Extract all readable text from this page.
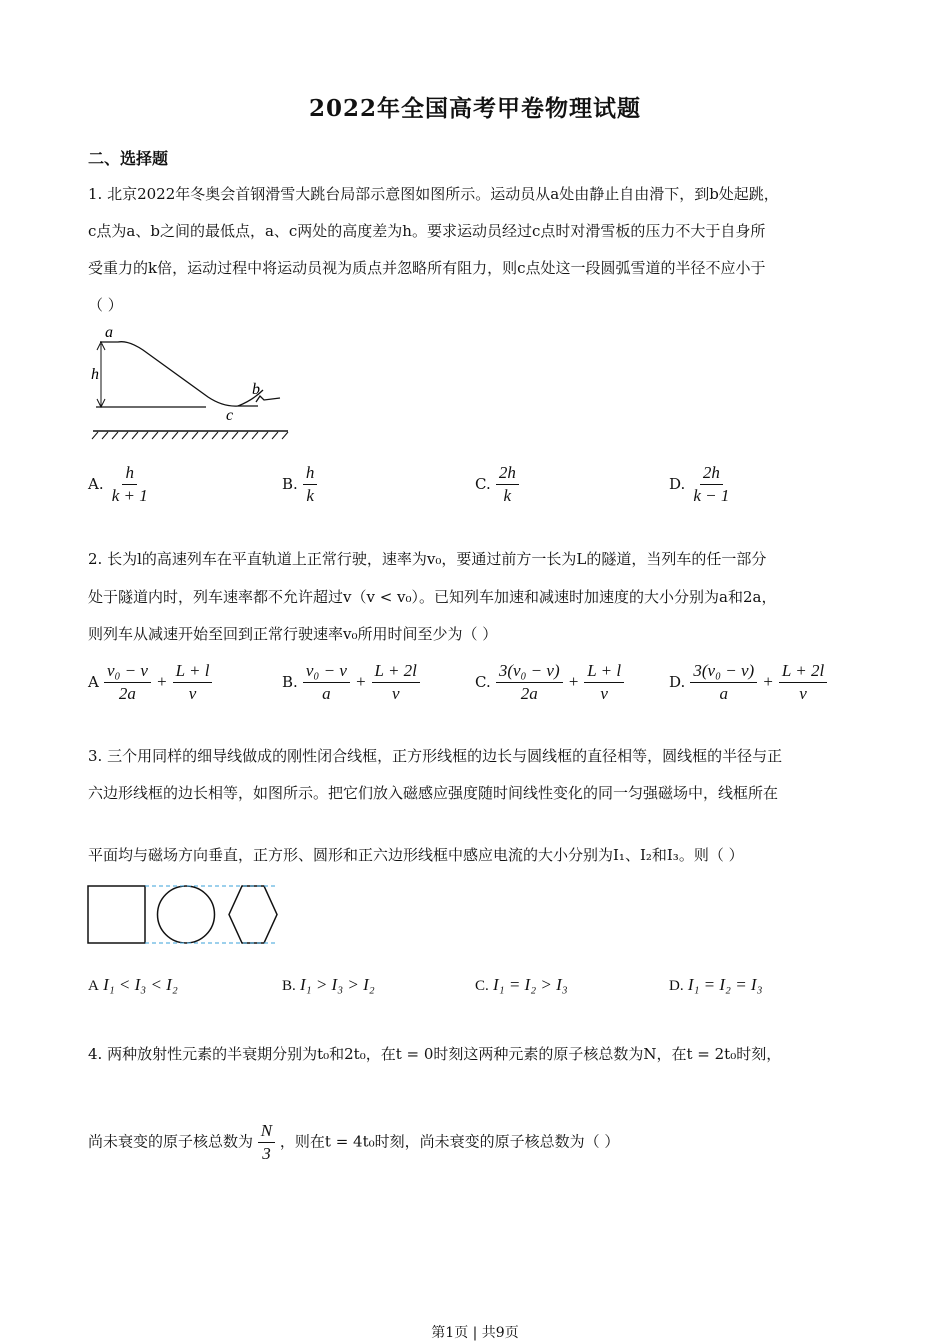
2022年全国高考甲卷物理试题
二、选择题
1. 北京2022年冬奥会首钢滑雪大跳台局部示意图如图所示。运动员从a处由静止自由滑下，到b处起跳，
c点为a、b之间的最低点，a、c两处的高度差为h。要求运动员经过c点时对滑雪板的压力不大于自身所
受重力的k倍，运动过程中将运动员视为质点并忽略所有阻力，则c点处这一段圆弧雪道的半径不应小于
（ ）
a
h
b
c
A. $\frac{h}{k + 1}$	B. $\frac{h}{k}$	C. $\frac{2h}{k}$	D. $\frac{2h}{k - 1}$
2. 长为l的高速列车在平直轨道上正常行驶，速率为v₀，要通过前方一长为L的隧道，当列车的任一部分
处于隧道内时，列车速率都不允许超过v（v < v₀）。已知列车加速和减速时加速度的大小分别为a和2a，
则列车从减速开始至回到正常行驶速率v₀所用时间至少为（ ）
A $\frac{\text{v₀ − v}}{2a} + \frac{L + l}{v}$	B. $\frac{\text{v₀ − v}}{a} + \frac{L + 2l}{v}$	C. $\frac{\text{3(v₀ − v)}}{2a} + \frac{L + l}{v}$	D. $\frac{\text{3(v₀ − v)}}{a} + \frac{L + 2l}{v}$
3. 三个用同样的细导线做成的刚性闭合线框，正方形线框的边长与圆线框的直径相等，圆线框的半径与正
六边形线框的边长相等，如图所示。把它们放入磁感应强度随时间线性变化的同一匀强磁场中，线框所在
平面均与磁场方向垂直，正方形、圆形和正六边形线框中感应电流的大小分别为I₁、I₂和I₃。则（ ）
A I₁ < I₃ < I₂	B. I₁ > I₃ > I₂	C. I₁ = I₂ > I₃	D. I₁ = I₂ = I₃
4. 两种放射性元素的半衰期分别为t₀和2t₀，在t = 0时刻这两种元素的原子核总数为N，在t = 2t₀时刻，
尚未衰变的原子核总数为 $\frac{N}{3}$ ，则在t = 4t₀时刻，尚未衰变的原子核总数为（ ）
第1页 | 共9页
